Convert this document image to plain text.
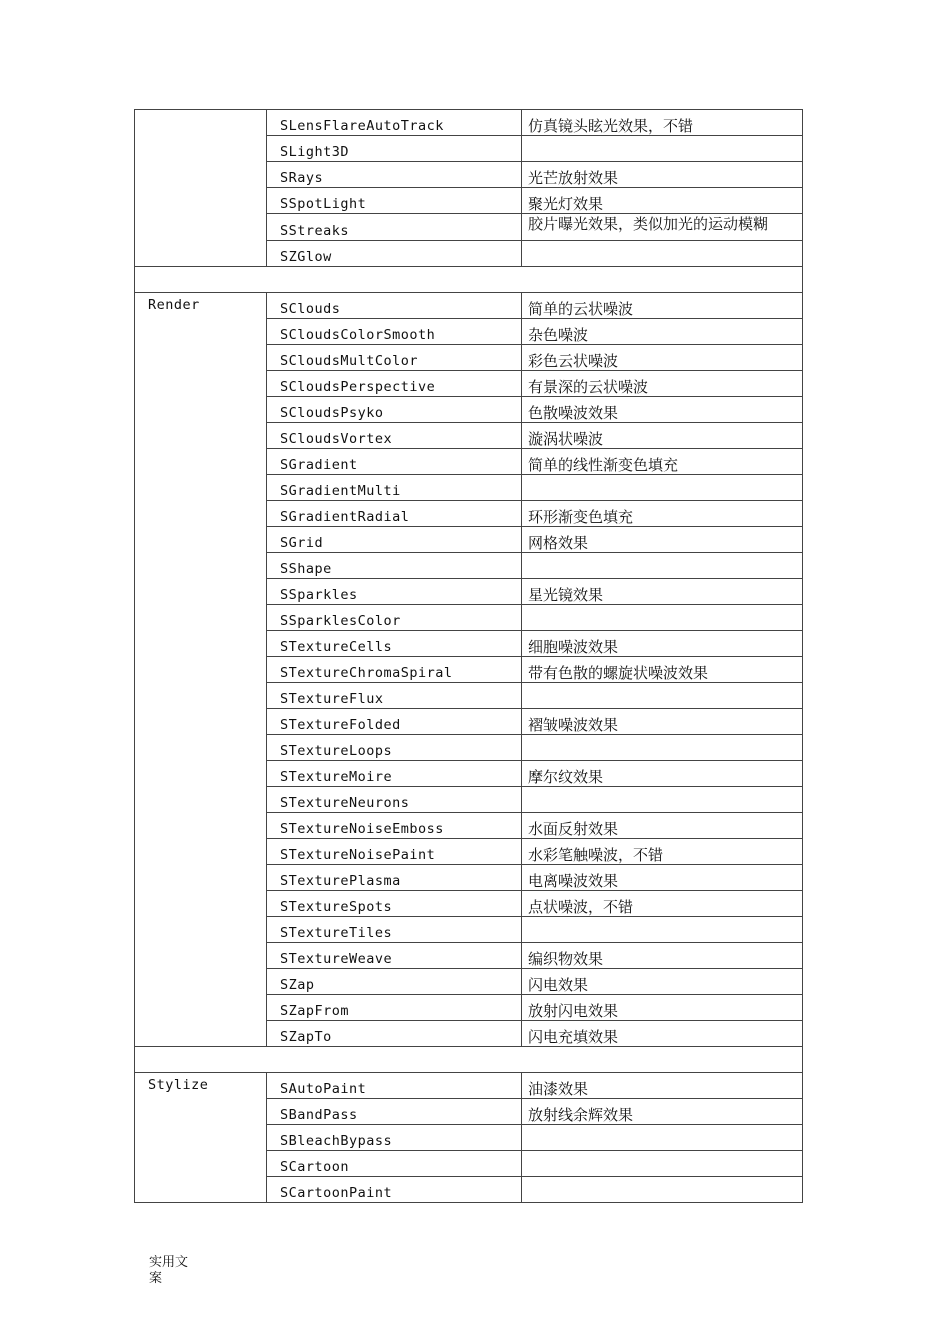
	SLensFlareAutoTrack	仿真镜头眩光效果，不错
	SLight3D	
	SRays	光芒放射效果
	SSpotLight	聚光灯效果
	SStreaks	胶片曝光效果，类似加光的运动模糊
	SZGlow	

Render	SClouds	简单的云状噪波
	SCloudsColorSmooth	杂色噪波
	SCloudsMultColor	彩色云状噪波
	SCloudsPerspective	有景深的云状噪波
	SCloudsPsyko	色散噪波效果
	SCloudsVortex	漩涡状噪波
	SGradient	简单的线性渐变色填充
	SGradientMulti	
	SGradientRadial	环形渐变色填充
	SGrid	网格效果
	SShape	
	SSparkles	星光镜效果
	SSparklesColor	
	STextureCells	细胞噪波效果
	STextureChromaSpiral	带有色散的螺旋状噪波效果
	STextureFlux	
	STextureFolded	褶皱噪波效果
	STextureLoops	
	STextureMoire	摩尔纹效果
	STextureNeurons	
	STextureNoiseEmboss	水面反射效果
	STextureNoisePaint	水彩笔触噪波，不错
	STexturePlasma	电离噪波效果
	STextureSpots	点状噪波，不错
	STextureTiles	
	STextureWeave	编织物效果
	SZap	闪电效果
	SZapFrom	放射闪电效果
	SZapTo	闪电充填效果

Stylize	SAutoPaint	油漆效果
	SBandPass	放射线余辉效果
	SBleachBypass	
	SCartoon	
	SCartoonPaint	
实用文案
